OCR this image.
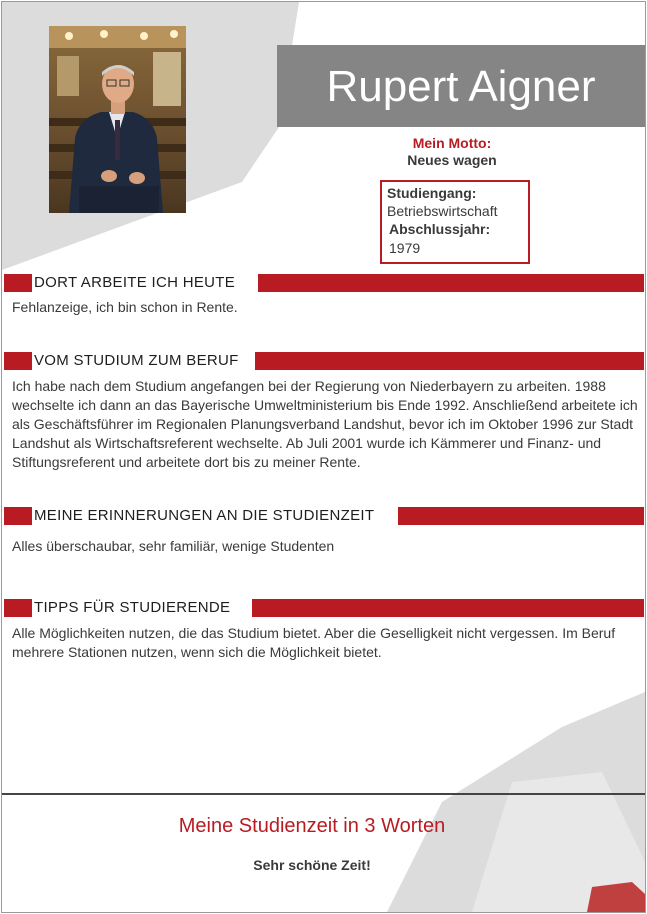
Rupert Aigner
Mein Motto:
Neues wagen
Studiengang:
Betriebswirtschaft
Abschlussjahr:
1979
DORT ARBEITE ICH HEUTE
Fehlanzeige, ich bin schon in Rente.
VOM STUDIUM ZUM BERUF
Ich habe nach dem Studium angefangen bei der Regierung von Niederbayern zu arbeiten. 1988 wechselte ich dann an das Bayerische Umweltministerium bis Ende 1992. Anschließend arbeitete ich als Geschäftsführer im Regionalen Planungsverband Landshut, bevor ich im Oktober 1996 zur Stadt Landshut als Wirtschaftsreferent wechselte. Ab Juli 2001 wurde ich Kämmerer und Finanz- und Stiftungsreferent und arbeitete dort bis zu meiner Rente.
MEINE ERINNERUNGEN AN DIE STUDIENZEIT
Alles überschaubar, sehr familiär, wenige Studenten
TIPPS FÜR STUDIERENDE
Alle Möglichkeiten nutzen, die das Studium bietet. Aber die Geselligkeit nicht vergessen. Im Beruf mehrere Stationen nutzen, wenn sich die Möglichkeit bietet.
Meine Studienzeit in 3 Worten
Sehr schöne Zeit!
